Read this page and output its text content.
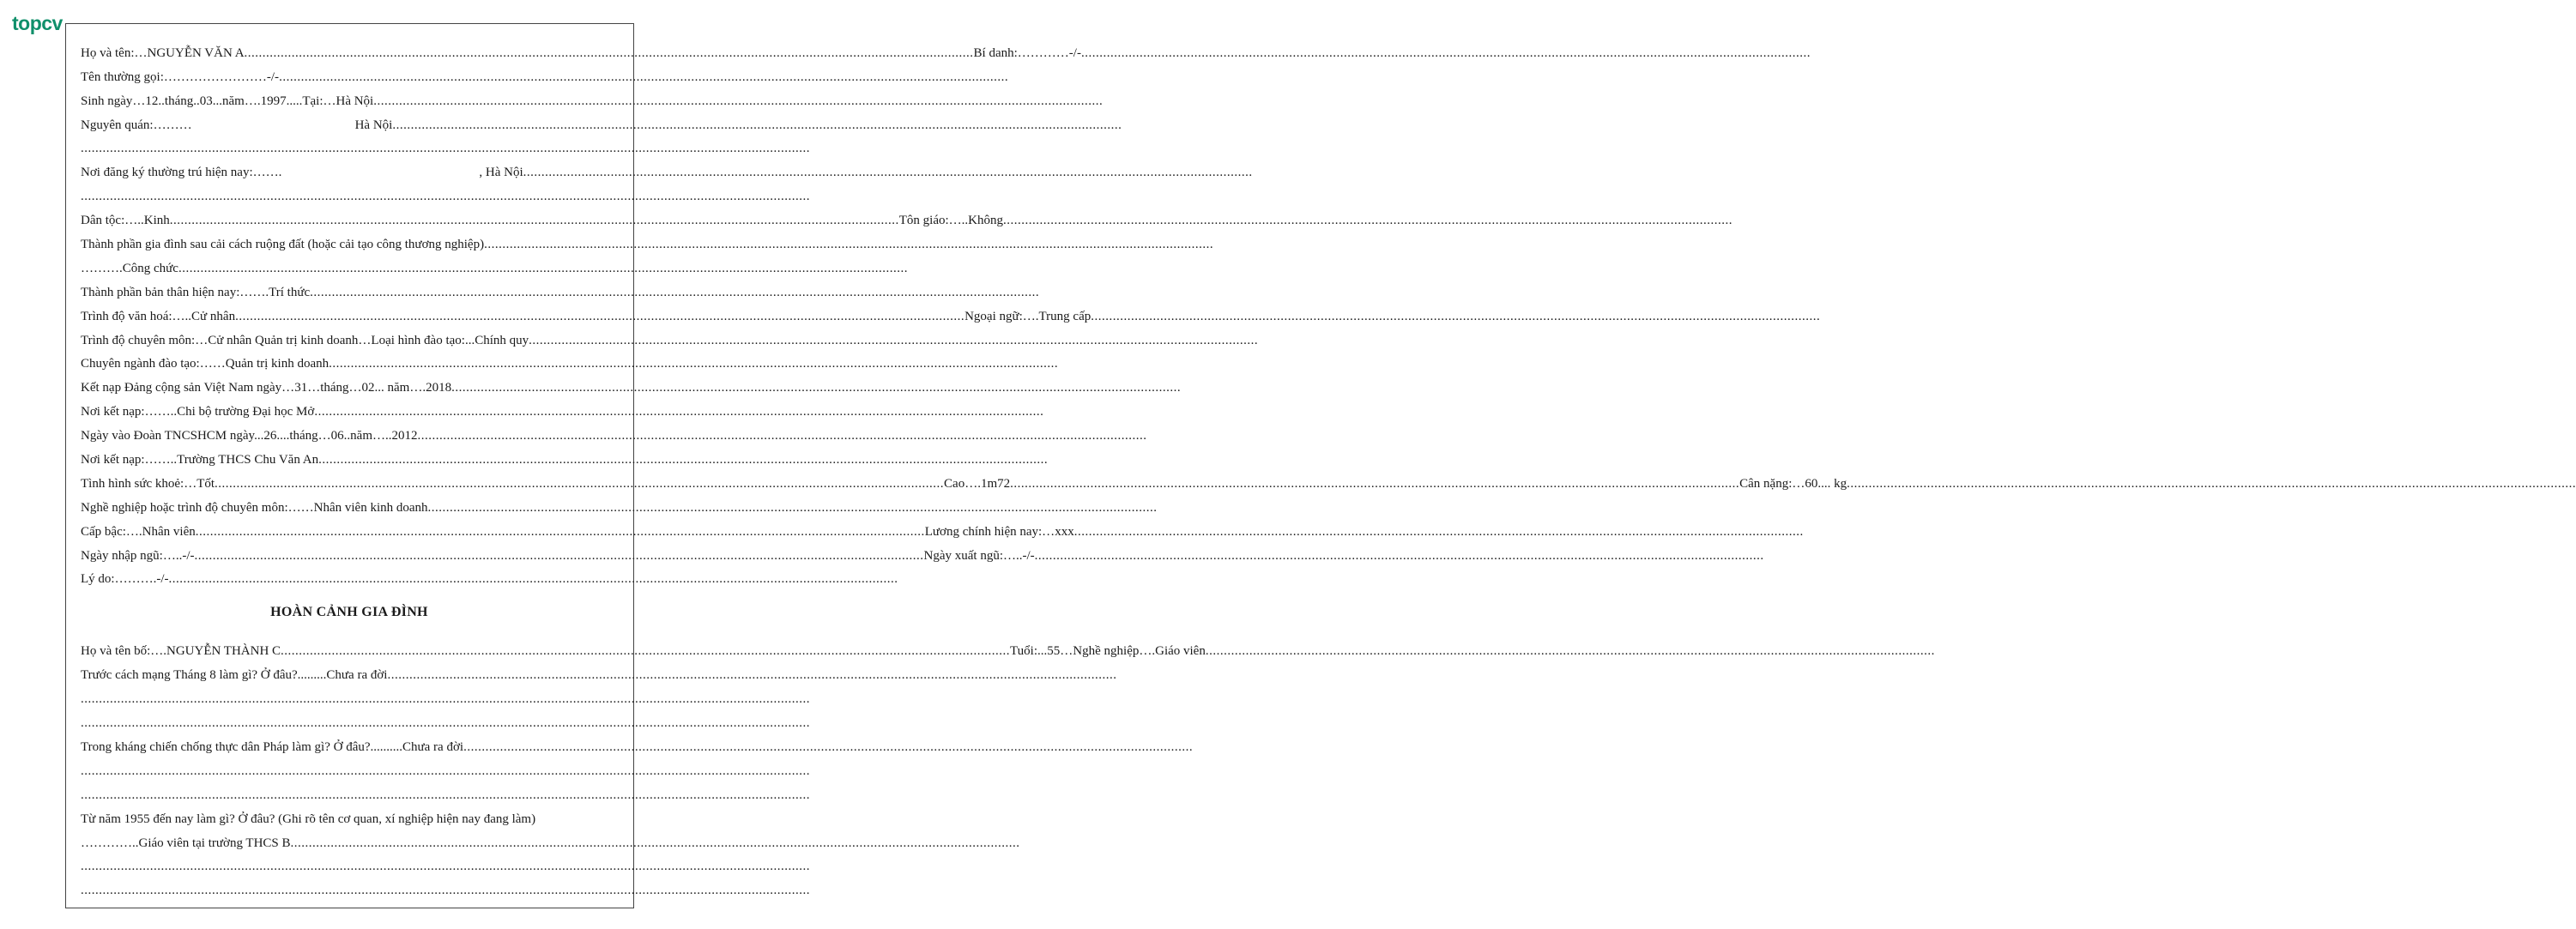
topcv
Họ và tên:… NGUYỄN VĂN A ........................................................................................................................................................................................................ Bí danh:………… -/- ........................................................................................................................................................................................................
Tên thường gọi:…………………… -/- ........................................................................................................................................................................................................
Sinh ngày… 12 ..tháng.. 03 ...năm…. 1997 .....Tại:… Hà Nội ........................................................................................................................................................................................................
Nguyên quán:………	Hà Nội ........................................................................................................................................................................................................
........................................................................................................................................................................................................
Nơi đăng ký thường trú hiện nay:…….	, Hà Nội ........................................................................................................................................................................................................
........................................................................................................................................................................................................
Dân tộc:….. Kinh ........................................................................................................................................................................................................ Tôn giáo:….. Không ........................................................................................................................................................................................................
Thành phần gia đình sau cải cách ruộng đất (hoặc cải tạo công thương nghiệp) ........................................................................................................................................................................................................
………. Công chức ........................................................................................................................................................................................................
Thành phần bản thân hiện nay:……. Trí thức ........................................................................................................................................................................................................
Trình độ văn hoá:….. Cử nhân ........................................................................................................................................................................................................ Ngoại ngữ:…. Trung cấp ........................................................................................................................................................................................................
Trình độ chuyên môn:… Cử nhân Quản trị kinh doanh …Loại hình đào tạo:... Chính quy ........................................................................................................................................................................................................
Chuyên ngành đào tạo:…… Quản trị kinh doanh ........................................................................................................................................................................................................
Kết nạp Đảng cộng sản Việt Nam ngày… 31 …tháng… 02 ... năm…. 2018 ........................................................................................................................................................................................................
Nơi kết nạp:…….. Chi bộ trường Đại học Mở ........................................................................................................................................................................................................
Ngày vào Đoàn TNCSHCM ngày... 26 ....tháng… 06 ..năm….. 2012 ........................................................................................................................................................................................................
Nơi kết nạp:…….. Trường THCS Chu Văn An ........................................................................................................................................................................................................
Tình hình sức khoẻ:… Tốt ........................................................................................................................................................................................................ Cao…. 1m72 ........................................................................................................................................................................................................ Cân nặng:… 60 .... kg ........................................................................................................................................................................................................
Nghề nghiệp hoặc trình độ chuyên môn:…… Nhân viên kinh doanh ........................................................................................................................................................................................................
Cấp bậc:…. Nhân viên ........................................................................................................................................................................................................ Lương chính hiện nay:… xxx ........................................................................................................................................................................................................
Ngày nhập ngũ:….. -/- ........................................................................................................................................................................................................ Ngày xuất ngũ:….. -/- ........................................................................................................................................................................................................
Lý do:………. -/- ........................................................................................................................................................................................................
HOÀN CẢNH GIA ĐÌNH
Họ và tên bố:…. NGUYỄN THÀNH C ........................................................................................................................................................................................................ Tuổi:... 55 …Nghề nghiệp…. Giáo viên ........................................................................................................................................................................................................
Trước cách mạng Tháng 8 làm gì? Ở đâu?......... Chưa ra đời ........................................................................................................................................................................................................
........................................................................................................................................................................................................
........................................................................................................................................................................................................
Trong kháng chiến chống thực dân Pháp làm gì? Ở đâu?.......... Chưa ra đời ........................................................................................................................................................................................................
........................................................................................................................................................................................................
........................................................................................................................................................................................................
Từ năm 1955 đến nay làm gì? Ở đâu? (Ghi rõ tên cơ quan, xí nghiệp hiện nay đang làm)
………….. Giáo viên tại trường THCS B ........................................................................................................................................................................................................
........................................................................................................................................................................................................
........................................................................................................................................................................................................
